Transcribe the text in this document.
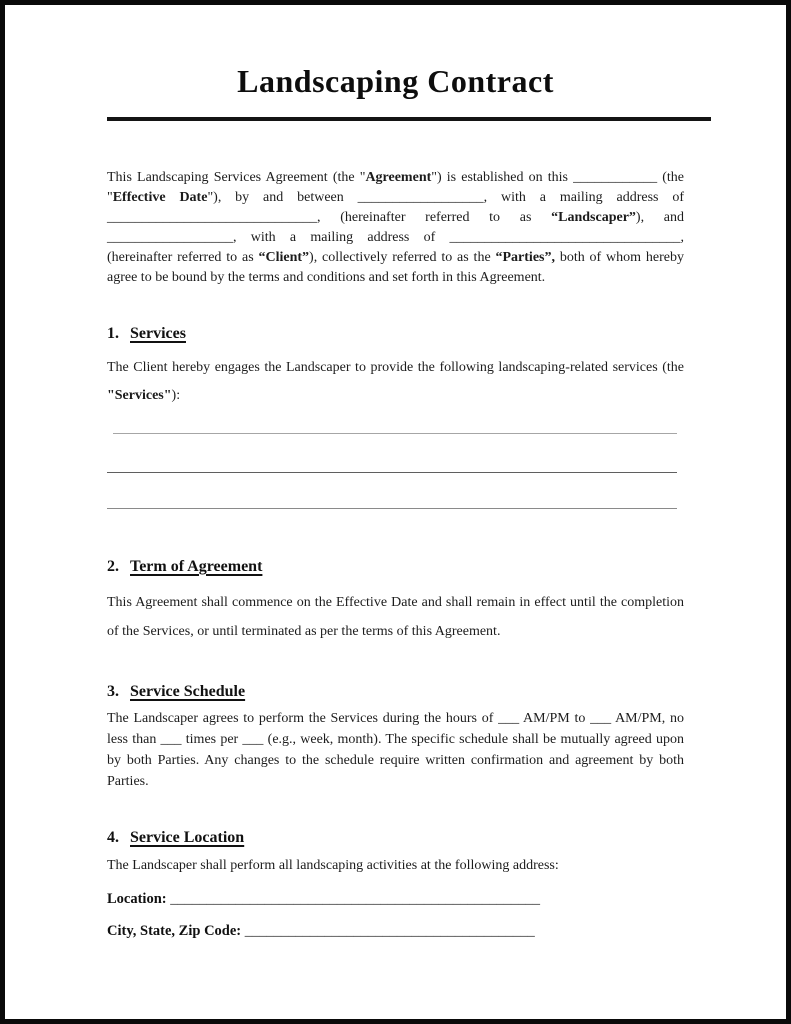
Landscaping Contract

This Landscaping Services Agreement (the "Agreement") is established on this ____________ (the "Effective Date"), by and between __________________, with a mailing address of ______________________________, (hereinafter referred to as “Landscaper”), and __________________, with a mailing address of _________________________________, (hereinafter referred to as “Client”), collectively referred to as the “Parties”, both of whom hereby agree to be bound by the terms and conditions and set forth in this Agreement.

1. Services

The Client hereby engages the Landscaper to provide the following landscaping-related services (the "Services"):

2. Term of Agreement

This Agreement shall commence on the Effective Date and shall remain in effect until the completion of the Services, or until terminated as per the terms of this Agreement.

3. Service Schedule

The Landscaper agrees to perform the Services during the hours of ___ AM/PM to ___ AM/PM, no less than ___ times per ___ (e.g., week, month). The specific schedule shall be mutually agreed upon by both Parties. Any changes to the schedule require written confirmation and agreement by both Parties.

4. Service Location

The Landscaper shall perform all landscaping activities at the following address:

Location: ___________________________________________________
City, State, Zip Code: ________________________________________
